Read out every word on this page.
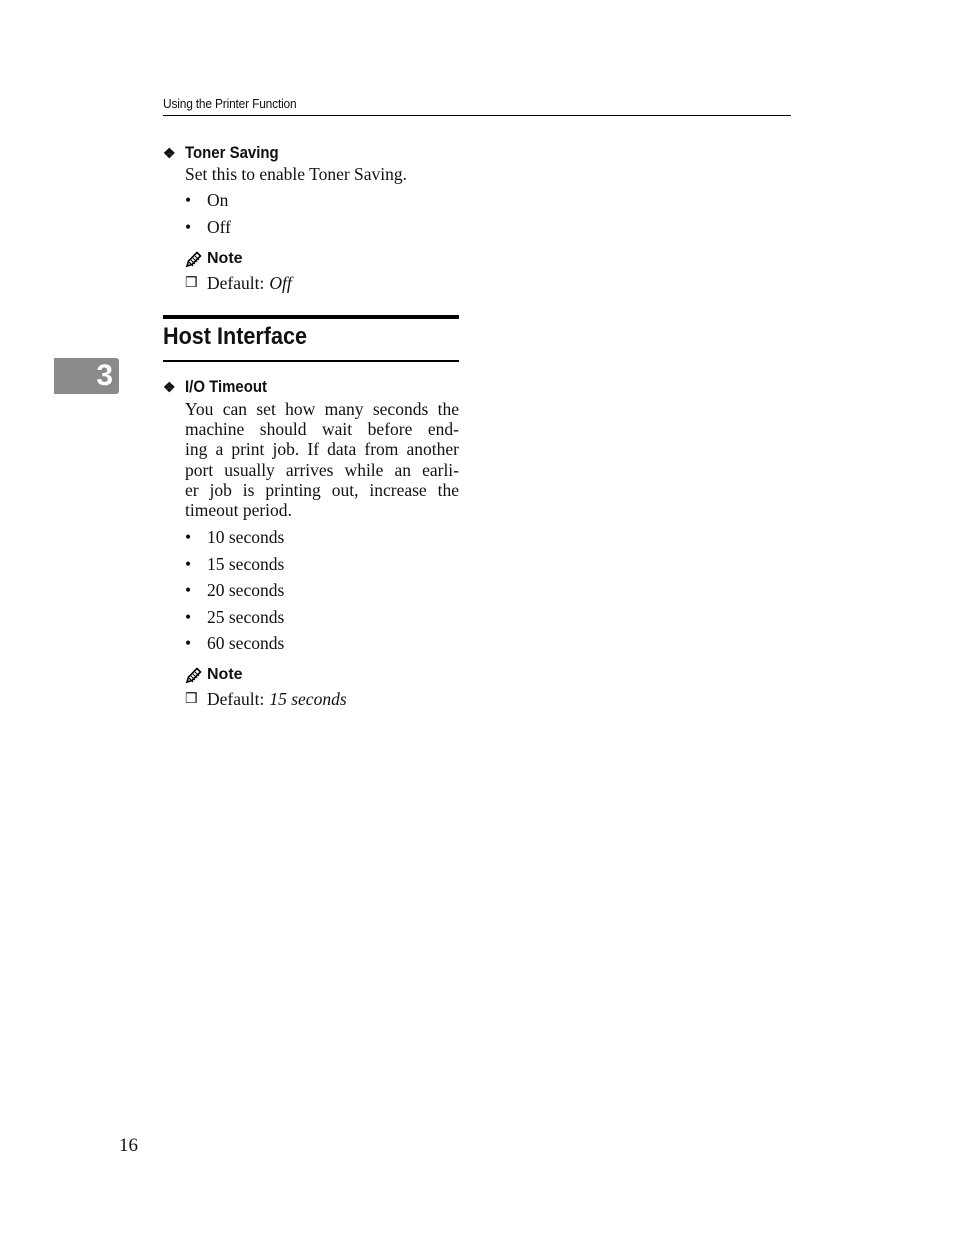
Using the Printer Function
3
❖ Toner Saving
Set this to enable Toner Saving.
• On
• Off
Note
❒ Default: Off
Host Interface
❖ I/O Timeout
You can set how many seconds the
machine should wait before end-
ing a print job. If data from another
port usually arrives while an earli-
er job is printing out, increase the
timeout period.
• 10 seconds
• 15 seconds
• 20 seconds
• 25 seconds
• 60 seconds
Note
❒ Default: 15 seconds
16
